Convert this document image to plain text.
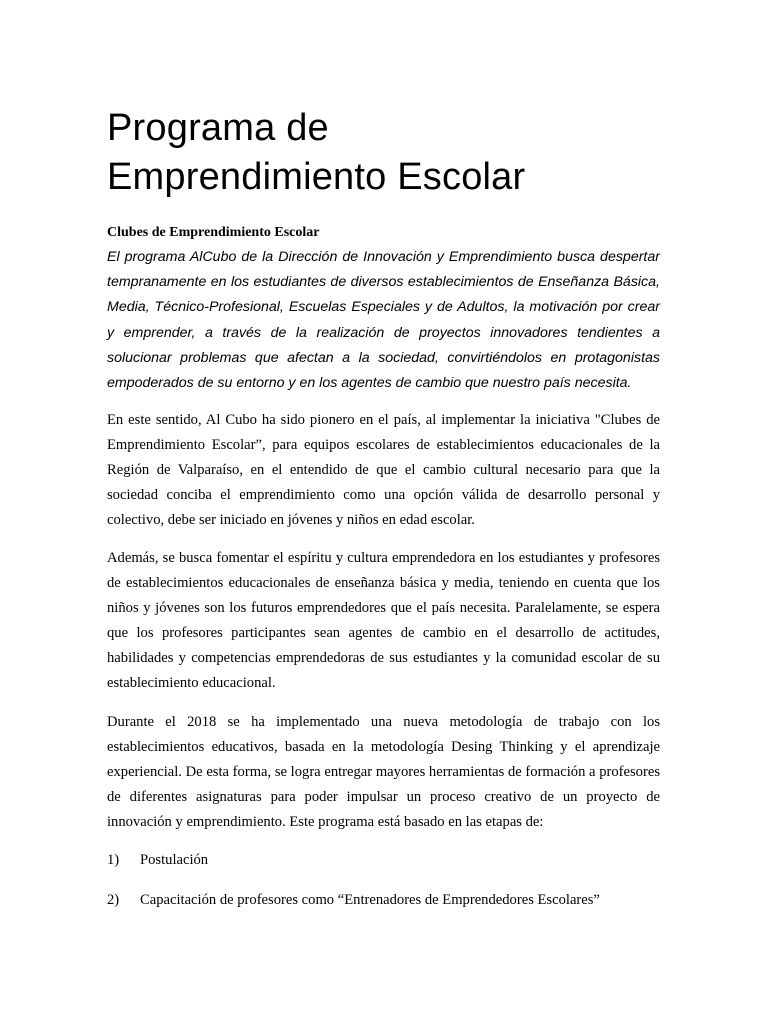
Programa de
Emprendimiento Escolar

Clubes de Emprendimiento Escolar

El programa AlCubo de la Dirección de Innovación y Emprendimiento busca despertar tempranamente en los estudiantes de diversos establecimientos de Enseñanza Básica, Media, Técnico-Profesional, Escuelas Especiales y de Adultos, la motivación por crear y emprender, a través de la realización de proyectos innovadores tendientes a solucionar problemas que afectan a la sociedad, convirtiéndolos en protagonistas empoderados de su entorno y en los agentes de cambio que nuestro país necesita.

En este sentido, Al Cubo ha sido pionero en el país, al implementar la iniciativa "Clubes de Emprendimiento Escolar”, para equipos escolares de establecimientos educacionales de la Región de Valparaíso, en el entendido de que el cambio cultural necesario para que la sociedad conciba el emprendimiento como una opción válida de desarrollo personal y colectivo, debe ser iniciado en jóvenes y niños en edad escolar.

Además, se busca fomentar el espíritu y cultura emprendedora en los estudiantes y profesores de establecimientos educacionales de enseñanza básica y media, teniendo en cuenta que los niños y jóvenes son los futuros emprendedores que el país necesita. Paralelamente, se espera que los profesores participantes sean agentes de cambio en el desarrollo de actitudes, habilidades y competencias emprendedoras de sus estudiantes y la comunidad escolar de su establecimiento educacional.

Durante el 2018 se ha implementado una nueva metodología de trabajo con los establecimientos educativos, basada en la metodología Desing Thinking y el aprendizaje experiencial. De esta forma, se logra entregar mayores herramientas de formación a profesores de diferentes asignaturas para poder impulsar un proceso creativo de un proyecto de innovación y emprendimiento. Este programa está basado en las etapas de:

1) Postulación

2) Capacitación de profesores como “Entrenadores de Emprendedores Escolares”
